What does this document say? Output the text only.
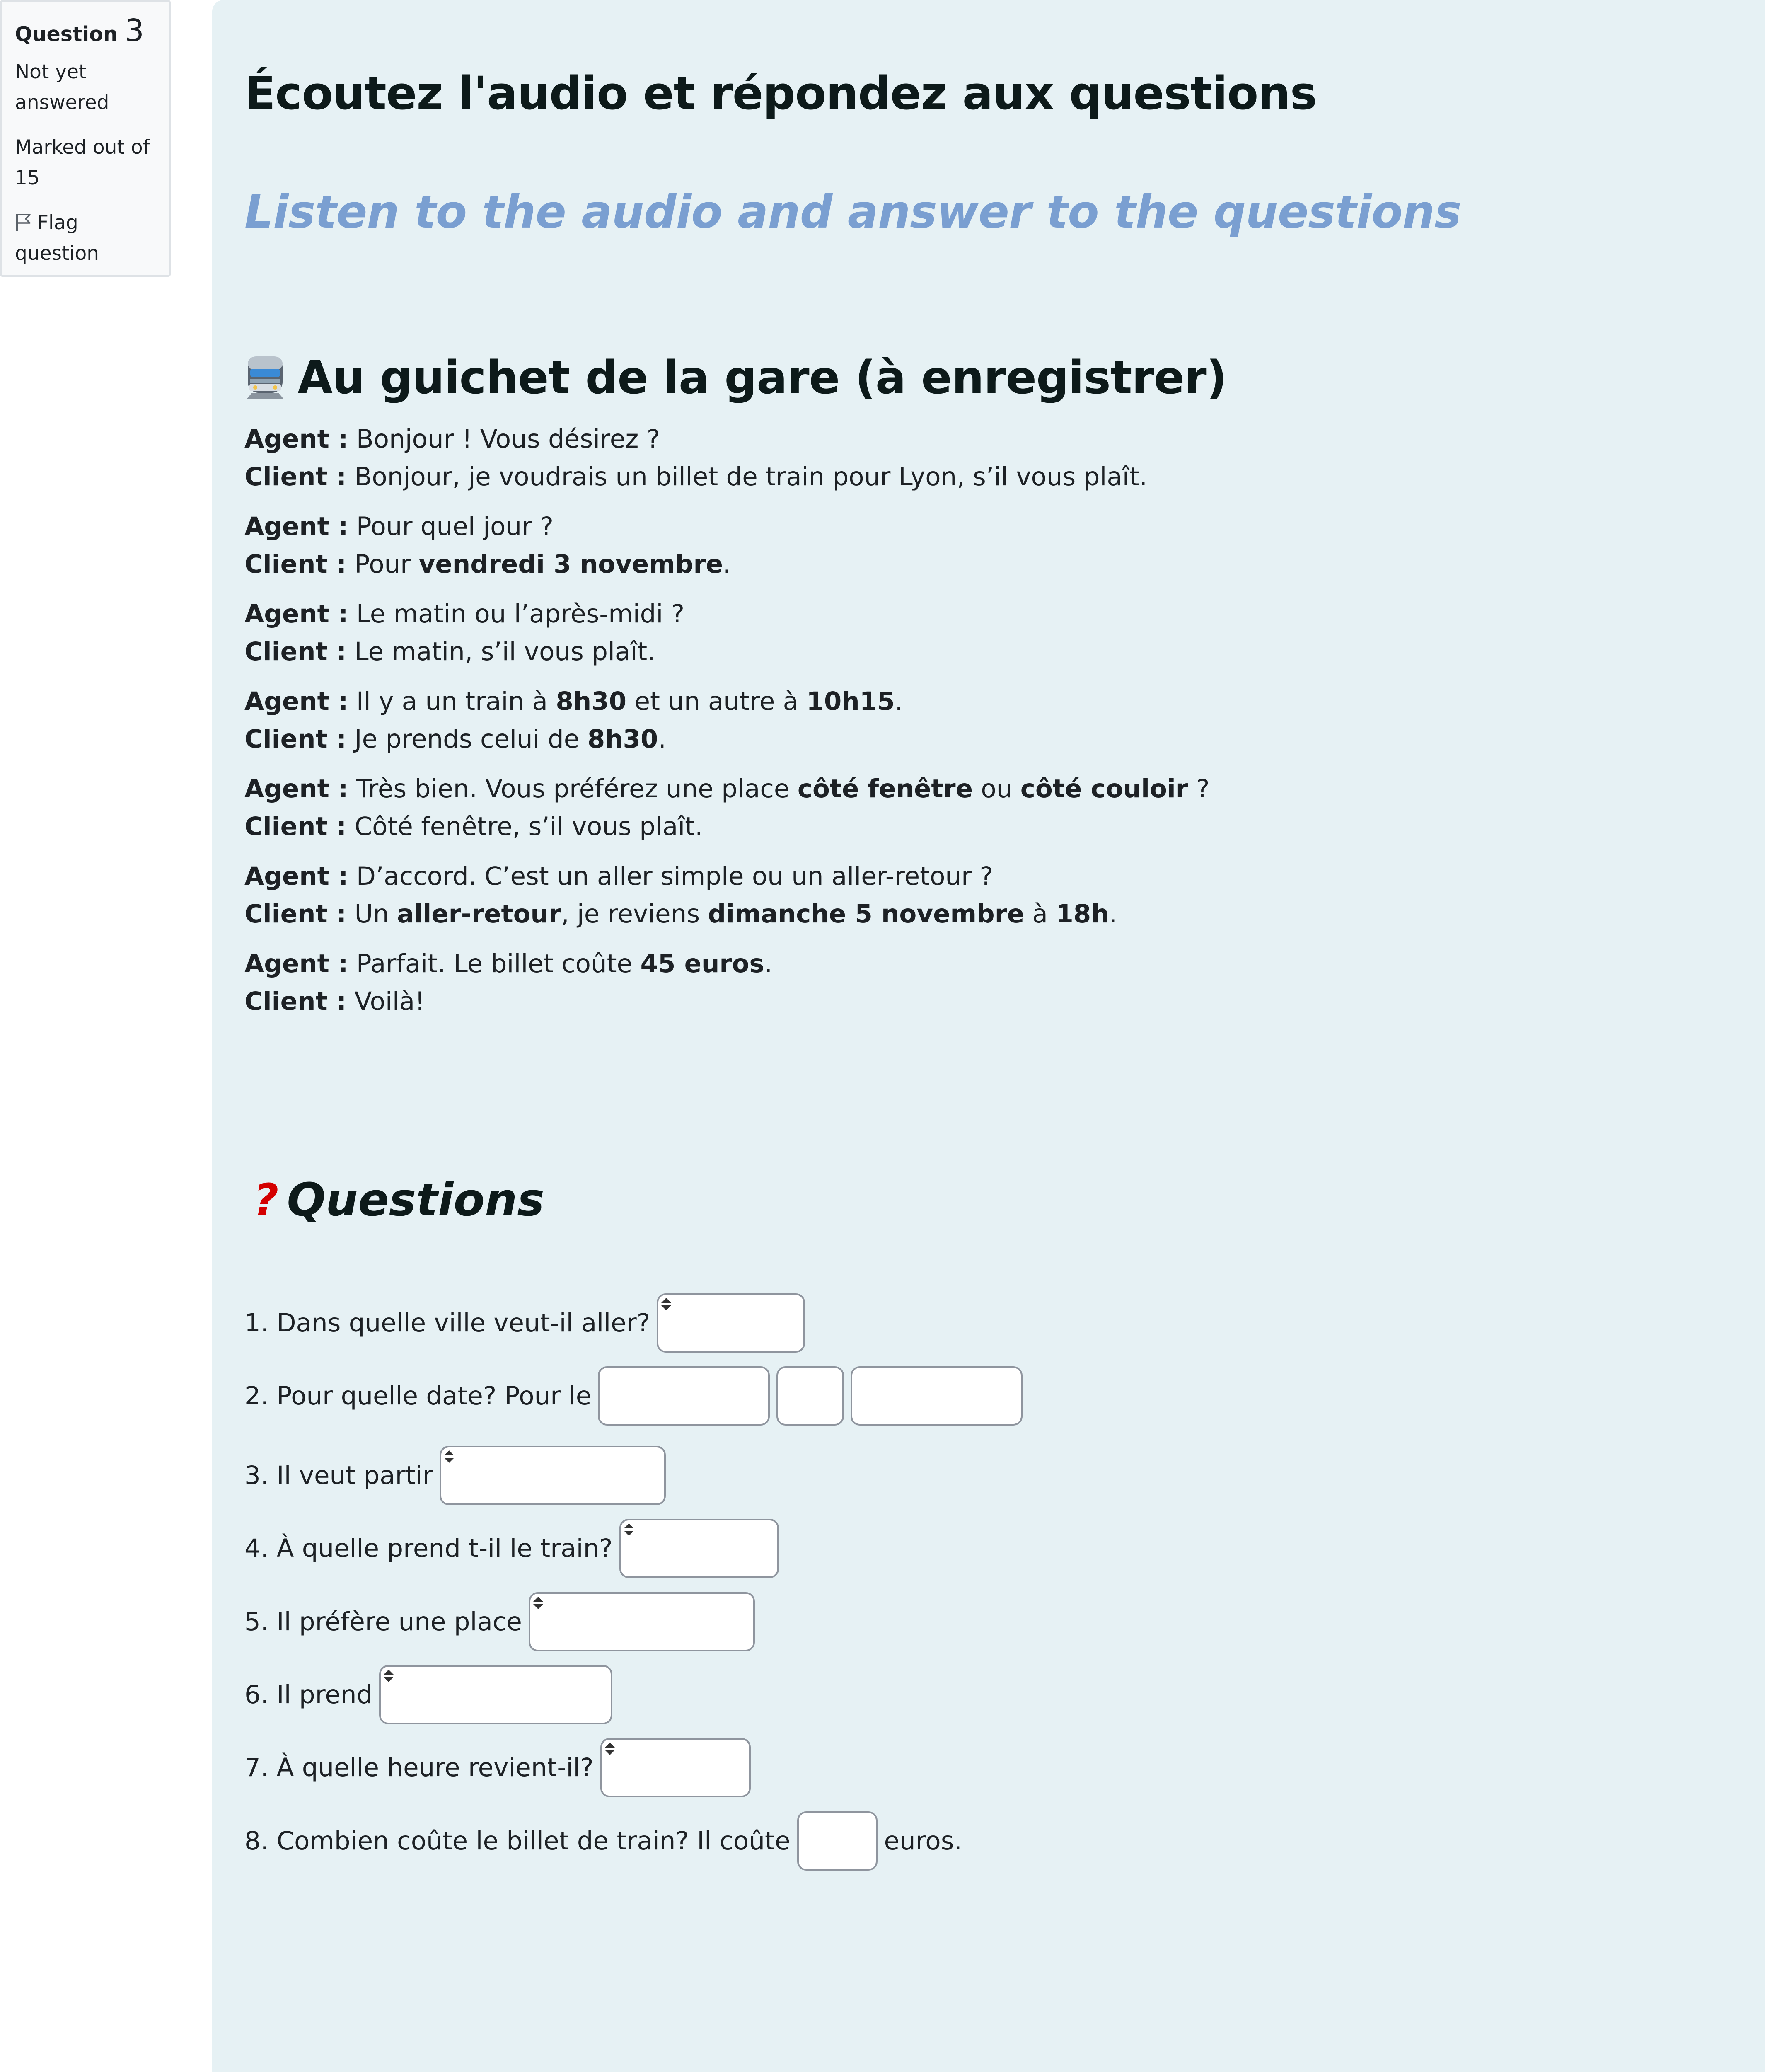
Question 3
Not yet
answered
Marked out of
15
Flag
question
Écoutez l'audio et répondez aux questions
Listen to the audio and answer to the questions
Au guichet de la gare (à enregistrer)
Agent : Bonjour ! Vous désirez ?
Client : Bonjour, je voudrais un billet de train pour Lyon, s’il vous plaît.
Agent : Pour quel jour ?
Client : Pour vendredi 3 novembre.
Agent : Le matin ou l’après-midi ?
Client : Le matin, s’il vous plaît.
Agent : Il y a un train à 8h30 et un autre à 10h15.
Client : Je prends celui de 8h30.
Agent : Très bien. Vous préférez une place côté fenêtre ou côté couloir ?
Client : Côté fenêtre, s’il vous plaît.
Agent : D’accord. C’est un aller simple ou un aller-retour ?
Client : Un aller-retour, je reviens dimanche 5 novembre à 18h.
Agent : Parfait. Le billet coûte 45 euros.
Client : Voilà!
? Questions
1. Dans quelle ville veut-il aller?
2. Pour quelle date? Pour le
3. Il veut partir
4. À quelle prend t-il le train?
5. Il préfère une place
6. Il prend
7. À quelle heure revient-il?
8. Combien coûte le billet de train? Il coûte	euros.
